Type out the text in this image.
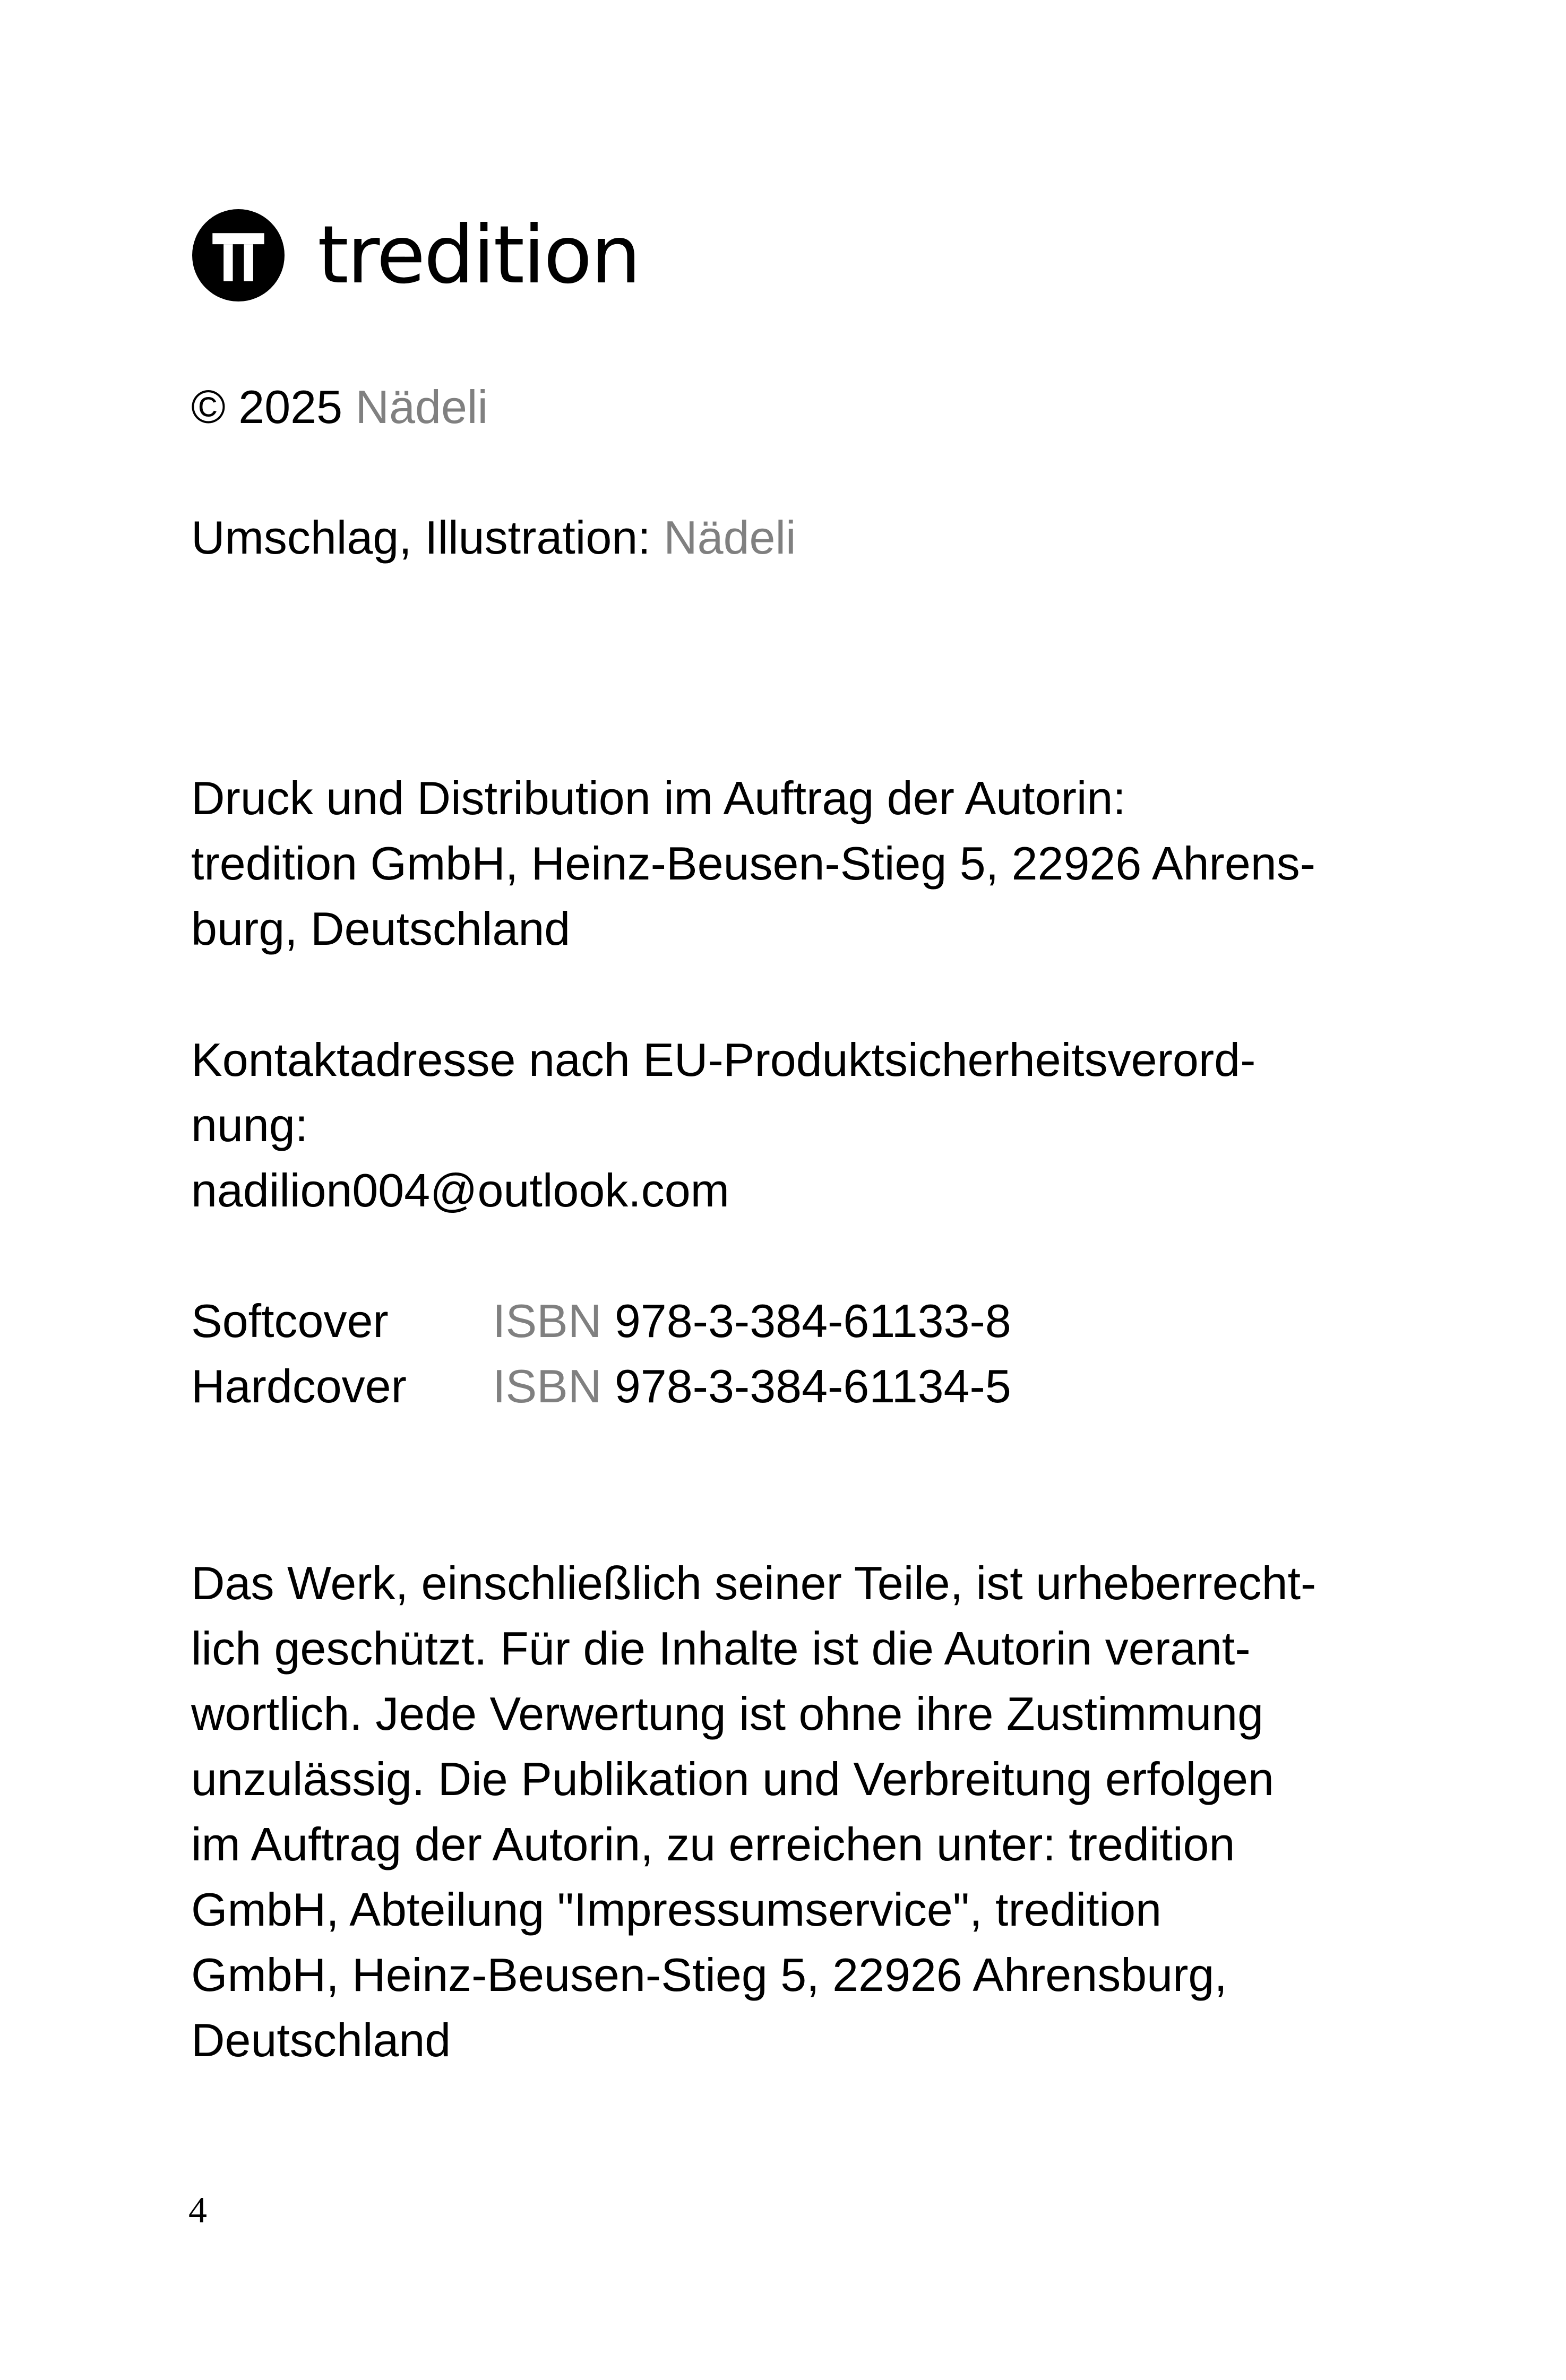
tredition
© 2025 Nädeli
Umschlag, Illustration: Nädeli
Druck und Distribution im Auftrag der Autorin:
tredition GmbH, Heinz-Beusen-Stieg 5, 22926 Ahrens-
burg, Deutschland
Kontaktadresse nach EU-Produktsicherheitsverord-
nung:
nadilion004@outlook.com
Softcover	ISBN
978-3-384-61133-8
Hardcover	ISBN
978-3-384-61134-5
Das Werk, einschließlich seiner Teile, ist urheberrecht-
lich geschützt. Für die Inhalte ist die Autorin verant-
wortlich. Jede Verwertung ist ohne ihre Zustimmung
unzulässig. Die Publikation und Verbreitung erfolgen
im Auftrag der Autorin, zu erreichen unter: tredition
GmbH, Abteilung "Impressumservice", tredition
GmbH, Heinz-Beusen-Stieg 5, 22926 Ahrensburg,
Deutschland
4
